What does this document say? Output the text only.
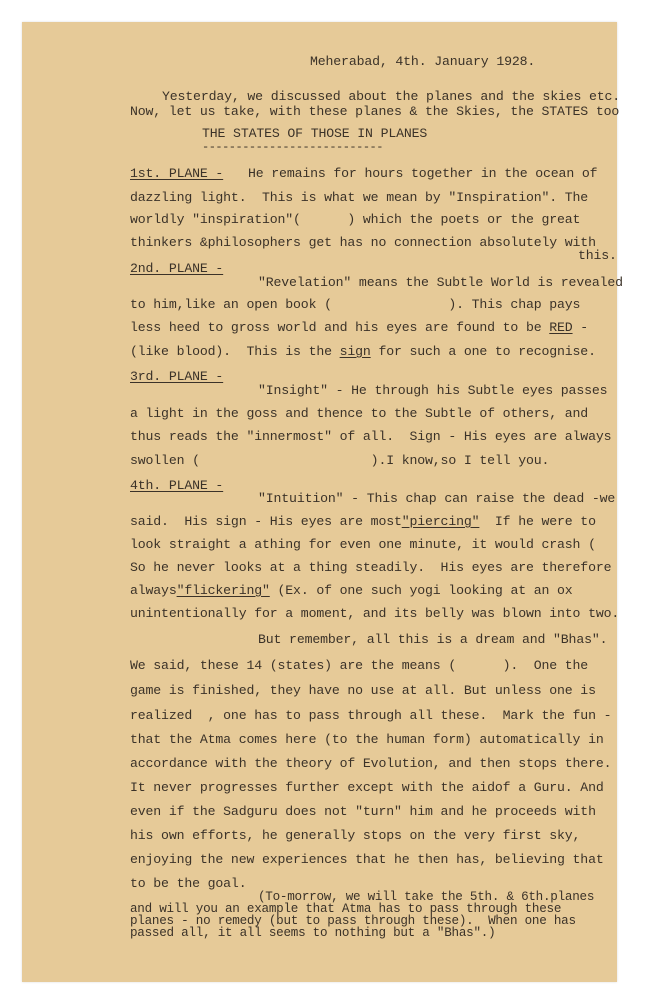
Meherabad, 4th. January 1928.
Yesterday, we discussed about the planes and the skies etc.
Now, let us take, with these planes & the Skies, the STATES too
THE STATES OF THOSE IN PLANES
---------------------------
1st. PLANE - He remains for hours together in the ocean of
dazzling light.  This is what we mean by "Inspiration". The
worldly "inspiration"(      ) which the poets or the great
thinkers &philosophers get has no connection absolutely with
this.
2nd. PLANE -
"Revelation" means the Subtle World is revealed
to him,like an open book (               ). This chap pays
less heed to gross world and his eyes are found to be RED -
(like blood).  This is the sign for such a one to recognise.
3rd. PLANE -
"Insight" - He through his Subtle eyes passes
a light in the goss and thence to the Subtle of others, and
thus reads the "innermost" of all.  Sign - His eyes are always
swollen (                      ).I know,so I tell you.
4th. PLANE -
"Intuition" - This chap can raise the dead -we
said.  His sign - His eyes are most"piercing"  If he were to
look straight a athing for even one minute, it would crash (
So he never looks at a thing steadily.  His eyes are therefore
always"flickering" (Ex. of one such yogi looking at an ox
unintentionally for a moment, and its belly was blown into two.
But remember, all this is a dream and "Bhas".
We said, these 14 (states) are the means (      ).  One the
game is finished, they have no use at all. But unless one is
realized  , one has to pass through all these.  Mark the fun -
that the Atma comes here (to the human form) automatically in
accordance with the theory of Evolution, and then stops there.
It never progresses further except with the aidof a Guru. And
even if the Sadguru does not "turn" him and he proceeds with
his own efforts, he generally stops on the very first sky,
enjoying the new experiences that he then has, believing that
to be the goal.
(To-morrow, we will take the 5th. & 6th.planes
and will you an example that Atma has to pass through these
planes - no remedy (but to pass through these).  When one has
passed all, it all seems to nothing but a "Bhas".)
